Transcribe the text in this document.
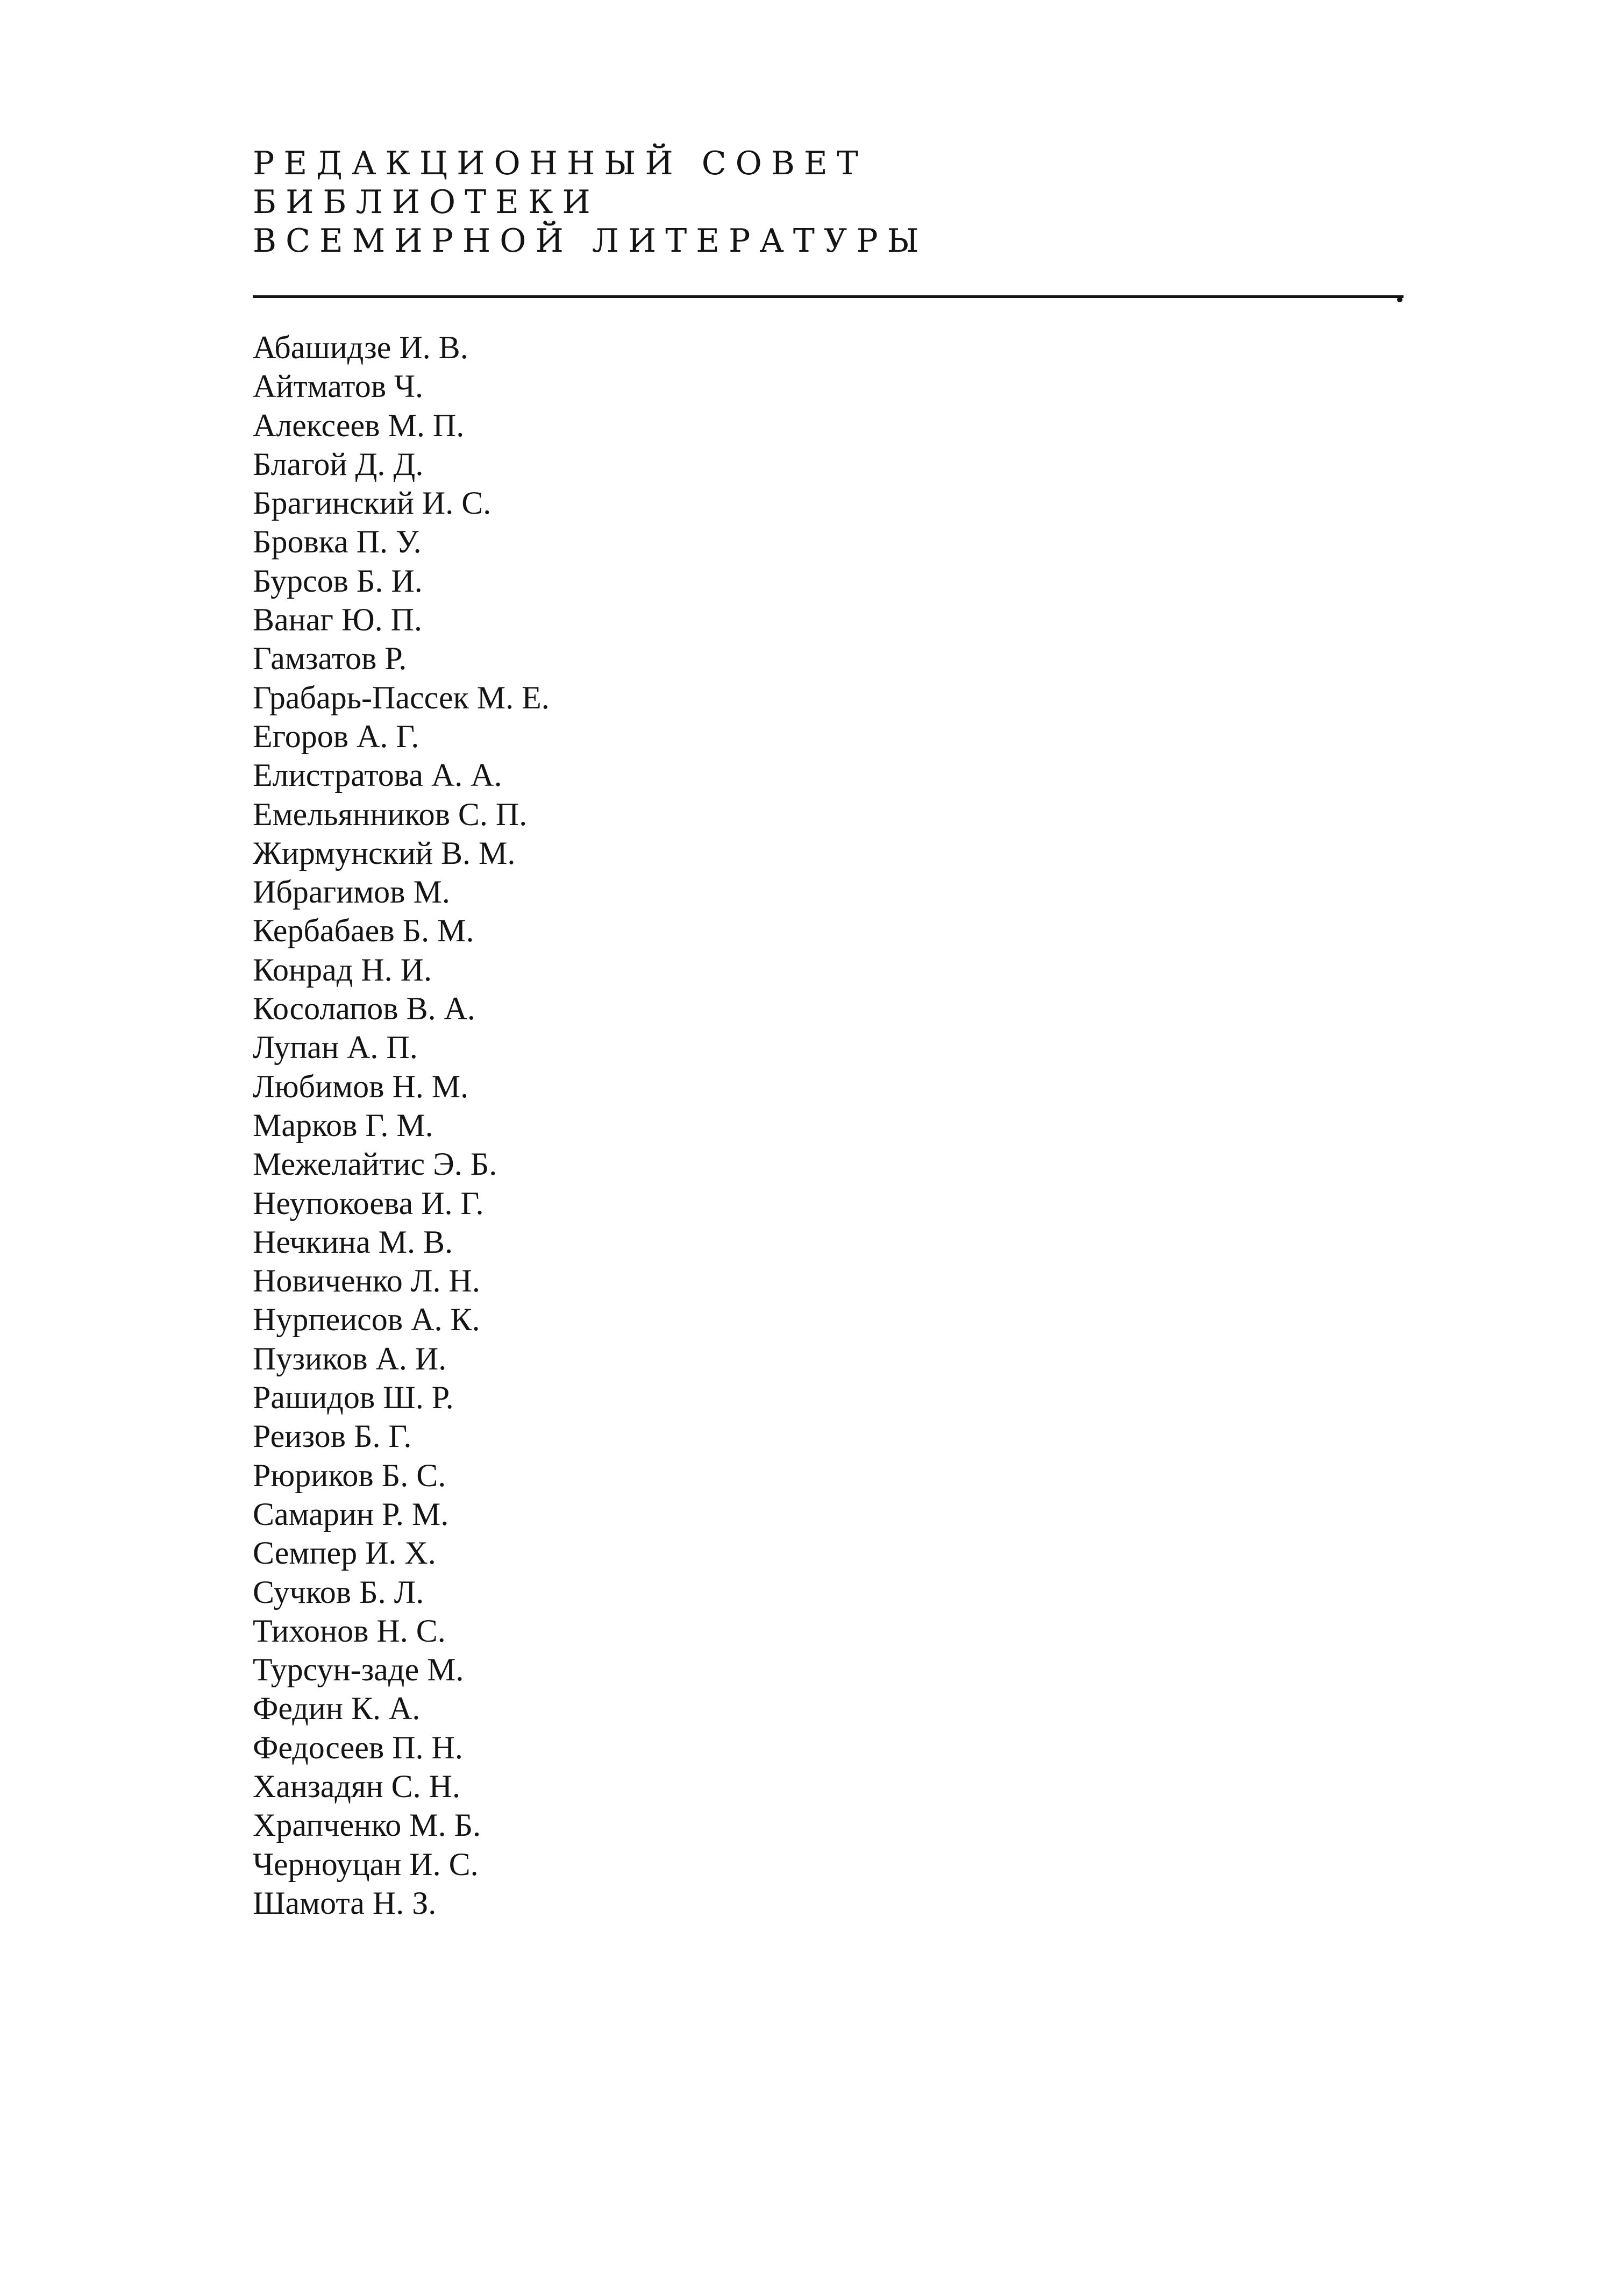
РЕДАКЦИОННЫЙ СОВЕТ
БИБЛИОТЕКИ
ВСЕМИРНОЙ ЛИТЕРАТУРЫ
Абашидзе И. В.
Айтматов Ч.
Алексеев М. П.
Благой Д. Д.
Брагинский И. С.
Бровка П. У.
Бурсов Б. И.
Ванаг Ю. П.
Гамзатов Р.
Грабарь-Пассек М. Е.
Егоров А. Г.
Елистратова А. А.
Емельянников С. П.
Жирмунский В. М.
Ибрагимов М.
Кербабаев Б. М.
Конрад Н. И.
Косолапов В. А.
Лупан А. П.
Любимов Н. М.
Марков Г. М.
Межелайтис Э. Б.
Неупокоева И. Г.
Нечкина М. В.
Новиченко Л. Н.
Нурпеисов А. К.
Пузиков А. И.
Рашидов Ш. Р.
Реизов Б. Г.
Рюриков Б. С.
Самарин Р. М.
Семпер И. Х.
Сучков Б. Л.
Тихонов Н. С.
Турсун-заде М.
Федин К. А.
Федосеев П. Н.
Ханзадян С. Н.
Храпченко М. Б.
Черноуцан И. С.
Шамота Н. З.
